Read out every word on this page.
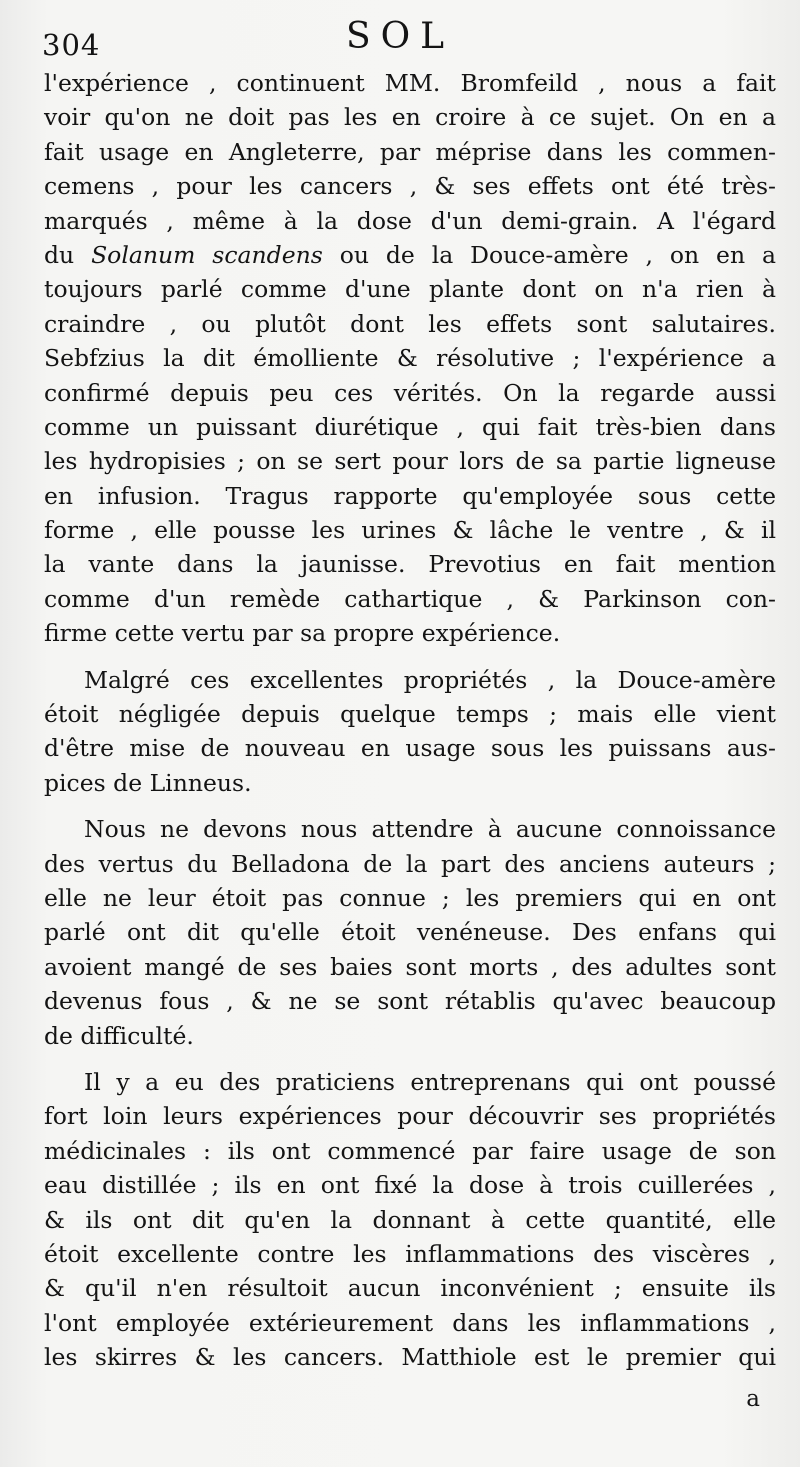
304	SOL
l'expérience , continuent MM. Bromfeild , nous a fait
voir qu'on ne doit pas les en croire à ce sujet. On en a
fait usage en Angleterre, par méprise dans les commen-
cemens , pour les cancers , & ses effets ont été très-
marqués , même à la dose d'un demi-grain. A l'égard
du Solanum scandens ou de la Douce-amère , on en a
toujours parlé comme d'une plante dont on n'a rien à
craindre , ou plutôt dont les effets sont salutaires.
Sebfzius la dit émolliente & résolutive ; l'expérience a
confirmé depuis peu ces vérités. On la regarde aussi
comme un puissant diurétique , qui fait très-bien dans
les hydropisies ; on se sert pour lors de sa partie ligneuse
en infusion. Tragus rapporte qu'employée sous cette
forme , elle pousse les urines & lâche le ventre , & il
la vante dans la jaunisse. Prevotius en fait mention
comme d'un remède cathartique , & Parkinson con-
firme cette vertu par sa propre expérience.
Malgré ces excellentes propriétés , la Douce-amère
étoit négligée depuis quelque temps ; mais elle vient
d'être mise de nouveau en usage sous les puissans aus-
pices de Linneus.
Nous ne devons nous attendre à aucune connoissance
des vertus du Belladona de la part des anciens auteurs ;
elle ne leur étoit pas connue ; les premiers qui en ont
parlé ont dit qu'elle étoit venéneuse. Des enfans qui
avoient mangé de ses baies sont morts , des adultes sont
devenus fous , & ne se sont rétablis qu'avec beaucoup
de difficulté.
Il y a eu des praticiens entreprenans qui ont poussé
fort loin leurs expériences pour découvrir ses propriétés
médicinales : ils ont commencé par faire usage de son
eau distillée ; ils en ont fixé la dose à trois cuillerées ,
& ils ont dit qu'en la donnant à cette quantité, elle
étoit excellente contre les inflammations des viscères ,
& qu'il n'en résultoit aucun inconvénient ; ensuite ils
l'ont employée extérieurement dans les inflammations ,
les skirres & les cancers. Matthiole est le premier qui
a
